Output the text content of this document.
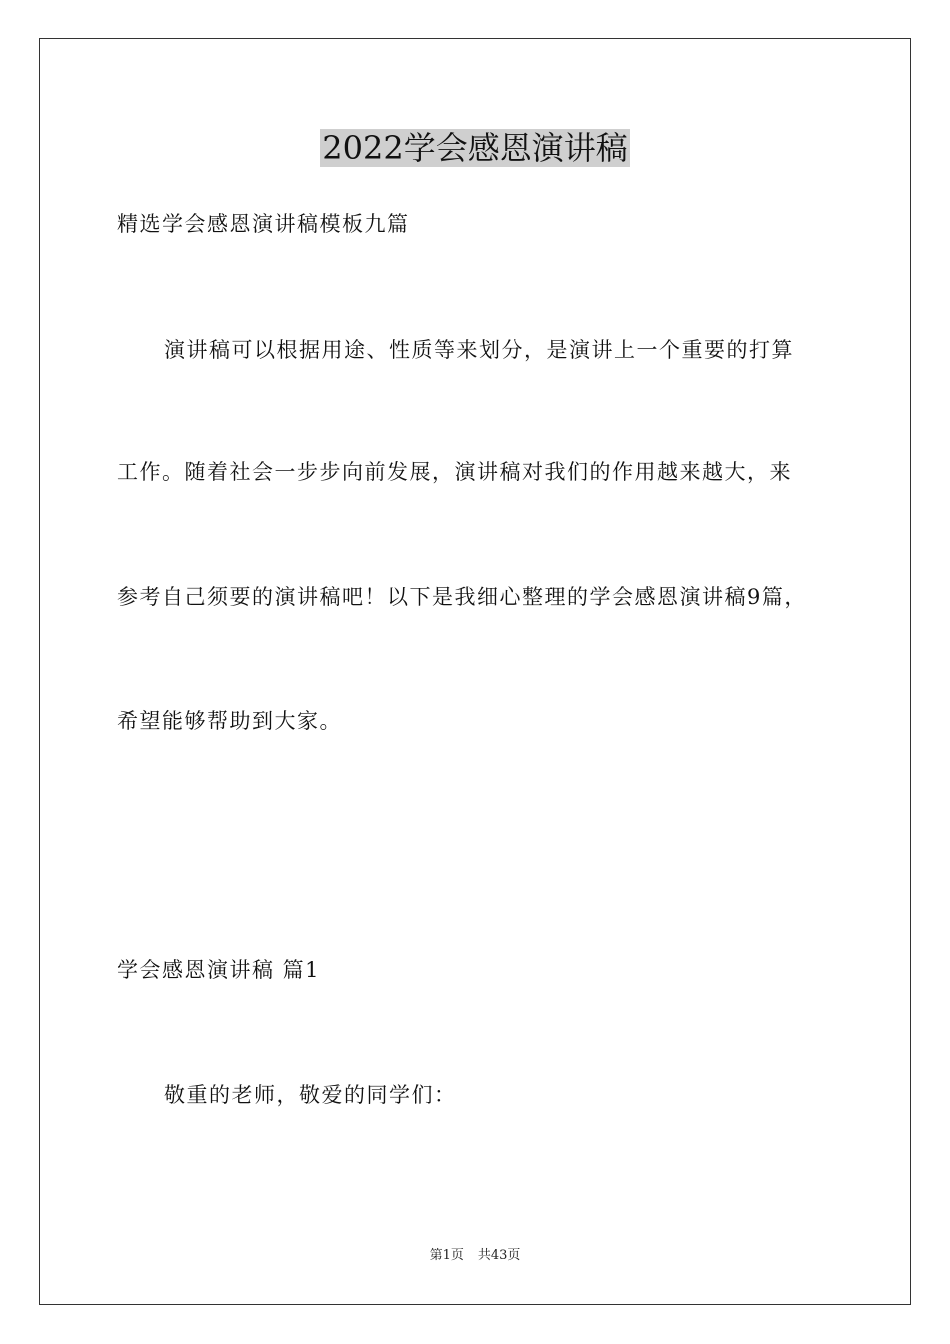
2022学会感恩演讲稿
精选学会感恩演讲稿模板九篇
演讲稿可以根据用途、性质等来划分，是演讲上一个重要的打算
工作。随着社会一步步向前发展，演讲稿对我们的作用越来越大，来
参考自己须要的演讲稿吧！以下是我细心整理的学会感恩演讲稿9篇，
希望能够帮助到大家。
学会感恩演讲稿 篇1
敬重的老师，敬爱的同学们：
第1页 共43页
